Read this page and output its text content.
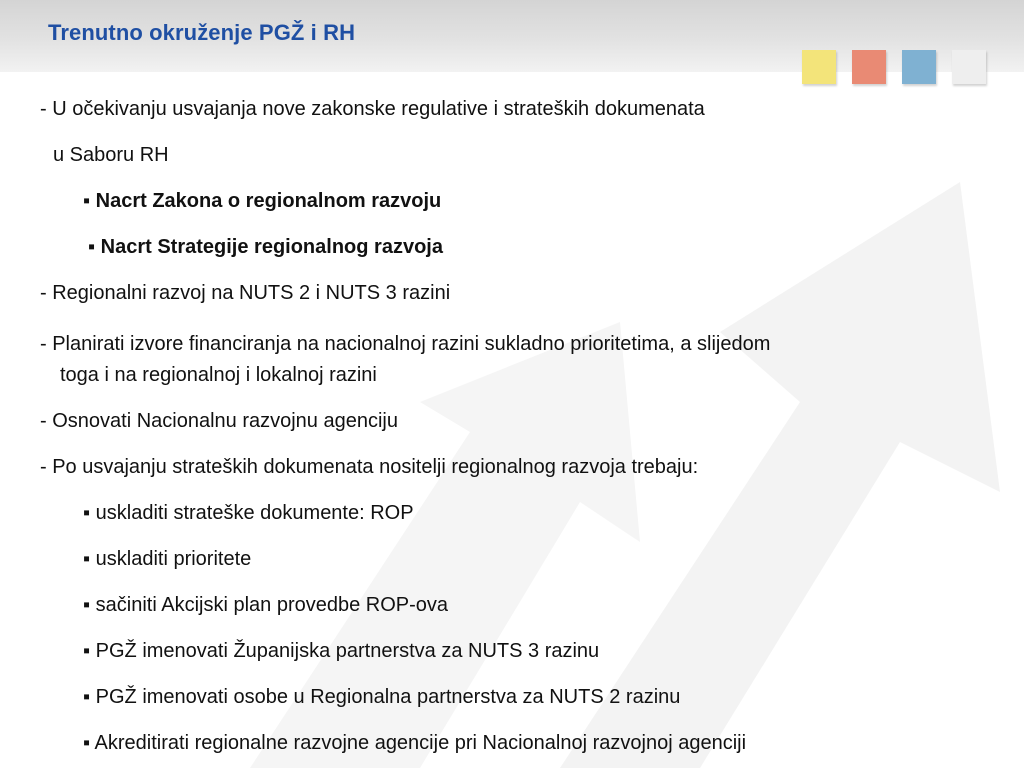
Trenutno okruženje PGŽ i RH

- U očekivanju usvajanja nove zakonske regulative i strateških dokumenata

u Saboru RH

▪ Nacrt Zakona o regionalnom razvoju

▪ Nacrt Strategije regionalnog razvoja

- Regionalni razvoj na NUTS 2 i NUTS 3 razini

- Planirati izvore financiranja na nacionalnoj razini sukladno prioritetima, a slijedom

toga i na regionalnoj i lokalnoj razini

- Osnovati Nacionalnu razvojnu agenciju

- Po usvajanju strateških dokumenata nositelji regionalnog razvoja trebaju:

▪ uskladiti strateške dokumente: ROP

▪ uskladiti prioritete

▪ sačiniti Akcijski plan provedbe ROP-ova

▪ PGŽ imenovati Županijska partnerstva za NUTS 3 razinu

▪ PGŽ imenovati osobe u Regionalna partnerstva za NUTS 2 razinu

▪ Akreditirati regionalne razvojne agencije pri Nacionalnoj razvojnoj agenciji
